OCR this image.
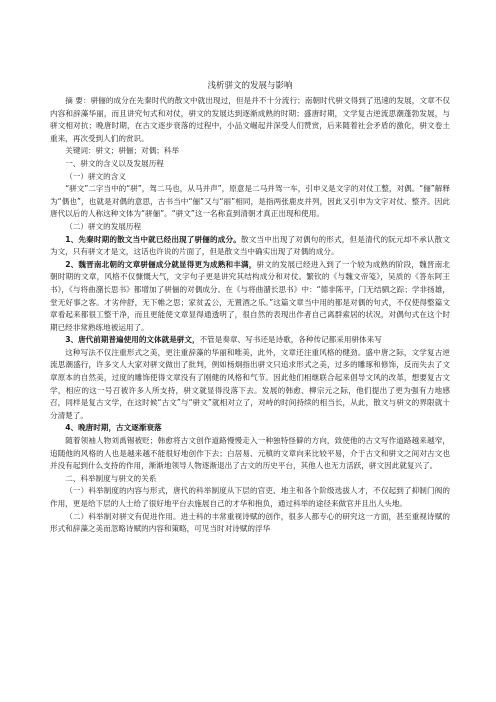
浅析骈文的发展与影响

摘 要：骈俪的成分在先秦时代的散文中就出现过，但是并不十分流行；南朝时代骈文得到了迅速的发展，文章不仅内容和辞藻华丽，而且讲究句式和对仗，骈文的发展达到逐渐成熟的时期；盛唐时期，文学复古逆流思潮蓬勃发展，与骈文相对抗；晚唐时期，在古文逐步衰落的过程中，小品文崛起并深受人们赞赏，后来随着社会矛盾的激化，骈文卷土重来，再次受到人们的赏识。

关键词：骈文；骈俪；对偶；科举

一、骈文的含义以及发展历程

（一）骈文的含义

“骈文”二字当中的“骈”，驾二马也，从马并声”，原意是二马并驾一车，引申义是文字的对仗工整，对偶。“俪”解释为“偶也”，也就是对偶的意思，古书当中“俪”又与“丽”相同，是指两张鹿皮并列，因此又引申为文字对仗、整齐。因此唐代以后的人称这种文体为“骈俪”。“骈文”这一名称直到清朝才真正出现和使用。

（二）骈文的发展历程

1、先秦时期的散文当中就已经出现了骈俪的成分。散文当中出现了对偶句的形式，但是清代的阮元却不承认散文为文，只有骈文才是文，这话也许说的片面了，但是散文当中确实出现了对偶的成分。

2、魏晋南北朝的文章骈俪成分就显得更为成熟和丰满，骈文的发展已经进入到了一个较为成熟的阶段，魏晋南北朝时期的文章，风格不仅慷慨大气，文字句子更是讲究其结构成分和对仗。繁钦的《与魏文帝笺》，吴质的《答东阿王书》，《与将曲潴长思书》都增加了骈俪的对偶成分。在《与将曲潴长思书》中：“德非陈平，门无结驷之踪；学非扬雄，堂无好事之客。才劣仲舒，无下帷之思；家贫孟公，无置酒之乐。”这篇文章当中用的都是对偶的句式，不仅使得整篇文章看起来都很工整干净，而且更能使文章显得通透明了，很自然的表现出作者自己离群索居的状况，对偶句式在这个时期已经非常熟练地被运用了。

3、唐代前期普遍使用的文体就是骈文，不管是奏章、写书还是诗歌，各种传记都采用骈体来写

这种写法不仅注重形式之美，更注重辞藻的华丽和唯美，此外，文章还注重风格的健劲。盛中唐之际，文学复古逆流思潮盛行，许多文人大家对骈文做出了批判，例如杨炯指出骈文只追求形式之美，过多的雕琢和修饰，反而失去了文章原本的自然美，过度的雕饰使得文章没有了刚健的风格和气节。因此他们相继联合起来倡导文风的改革，想要复古文学，相应的这一号召被许多人所支持，骈文就显得没落下去。发展的韩愈、柳宗元之际，他们提出了更为强有力地感召，同样是复古文学，在这时候“古文”与“骈文”就相对立了，对峙的时间持续的相当长，从此，散文与骈文的界限就十分清楚了。

4、晚唐时期，古文逐渐衰落

随着领袖人物刘禹锡被贬；韩愈将古文创作道路慢慢走入一种独特怪僻的方向，致使他的古文写作道路越来越窄，追随他的风格的人也是越来越不能很好地创作下去；白居易、元稹的文章向来比较平易，介于古文和骈文之间对古文也并没有起到什么支持的作用，渐渐地领导人物逐渐退出了古文的历史平台，其他人也无力活跃，骈文因此就复兴了。

二、科举制度与骈文的关系

（一）科举制度的内容与形式，唐代的科举制度从下层的官吏、地主和各个阶级选拔人才，不仅起到了抑制门阀的作用，更是给下层的人士给了很好地平台去施展自己的才华和抱负，通过科举的途径来做官并且出人头地。

（二）科举制对骈文有促进作用。进士科的丰常重视诗赋的创作，很多人都专心的研究这一方面，甚至重视诗赋的形式和辞藻之美而忽略诗赋的内容和策略，可见当时对诗赋的浮华
